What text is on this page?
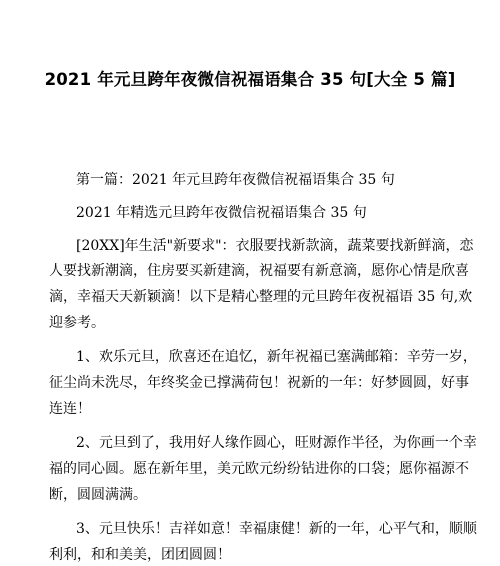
2021 年元旦跨年夜微信祝福语集合 35 句[大全 5 篇]
第一篇：2021 年元旦跨年夜微信祝福语集合 35 句
2021 年精选元旦跨年夜微信祝福语集合 35 句
[20XX]年生活"新要求"：衣服要找新款滴，蔬菜要找新鲜滴，恋
人要找新潮滴，住房要买新建滴，祝福要有新意滴，愿你心情是欣喜
滴，幸福天天新颖滴！以下是精心整理的元旦跨年夜祝福语 35 句,欢
迎参考。
1、欢乐元旦，欣喜还在追忆，新年祝福已塞满邮箱：辛劳一岁，
征尘尚未洗尽，年终奖金已撑满荷包！祝新的一年：好梦圆圆，好事
连连！
2、元旦到了，我用好人缘作圆心，旺财源作半径，为你画一个幸
福的同心圆。愿在新年里，美元欧元纷纷钻进你的口袋；愿你福源不
断，圆圆满满。
3、元旦快乐！吉祥如意！幸福康健！新的一年，心平气和，顺顺
利利，和和美美，团团圆圆！
